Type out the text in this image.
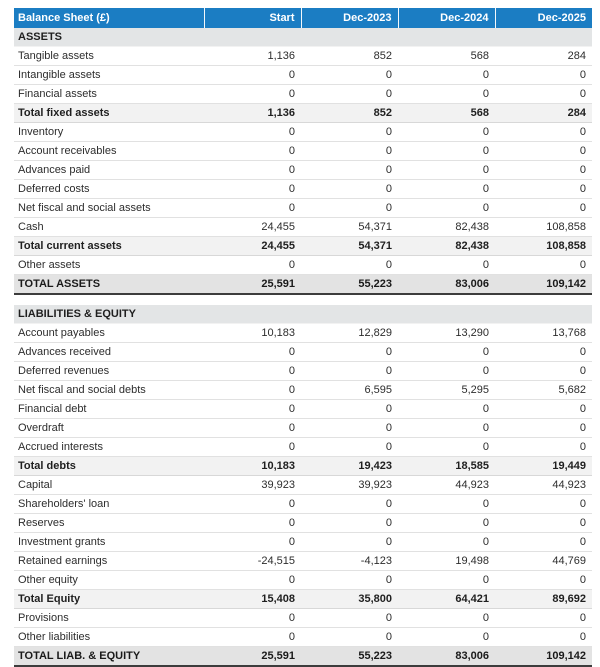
Balance Sheet (£)	Start	Dec-2023	Dec-2024	Dec-2025
ASSETS				
Tangible assets	1,136	852	568	284
Intangible assets	0	0	0	0
Financial assets	0	0	0	0
Total fixed assets	1,136	852	568	284
Inventory	0	0	0	0
Account receivables	0	0	0	0
Advances paid	0	0	0	0
Deferred costs	0	0	0	0
Net fiscal and social assets	0	0	0	0
Cash	24,455	54,371	82,438	108,858
Total current assets	24,455	54,371	82,438	108,858
Other assets	0	0	0	0
TOTAL ASSETS	25,591	55,223	83,006	109,142

LIABILITIES & EQUITY				
Account payables	10,183	12,829	13,290	13,768
Advances received	0	0	0	0
Deferred revenues	0	0	0	0
Net fiscal and social debts	0	6,595	5,295	5,682
Financial debt	0	0	0	0
Overdraft	0	0	0	0
Accrued interests	0	0	0	0
Total debts	10,183	19,423	18,585	19,449
Capital	39,923	39,923	44,923	44,923
Shareholders' loan	0	0	0	0
Reserves	0	0	0	0
Investment grants	0	0	0	0
Retained earnings	-24,515	-4,123	19,498	44,769
Other equity	0	0	0	0
Total Equity	15,408	35,800	64,421	89,692
Provisions	0	0	0	0
Other liabilities	0	0	0	0
TOTAL LIAB. & EQUITY	25,591	55,223	83,006	109,142
